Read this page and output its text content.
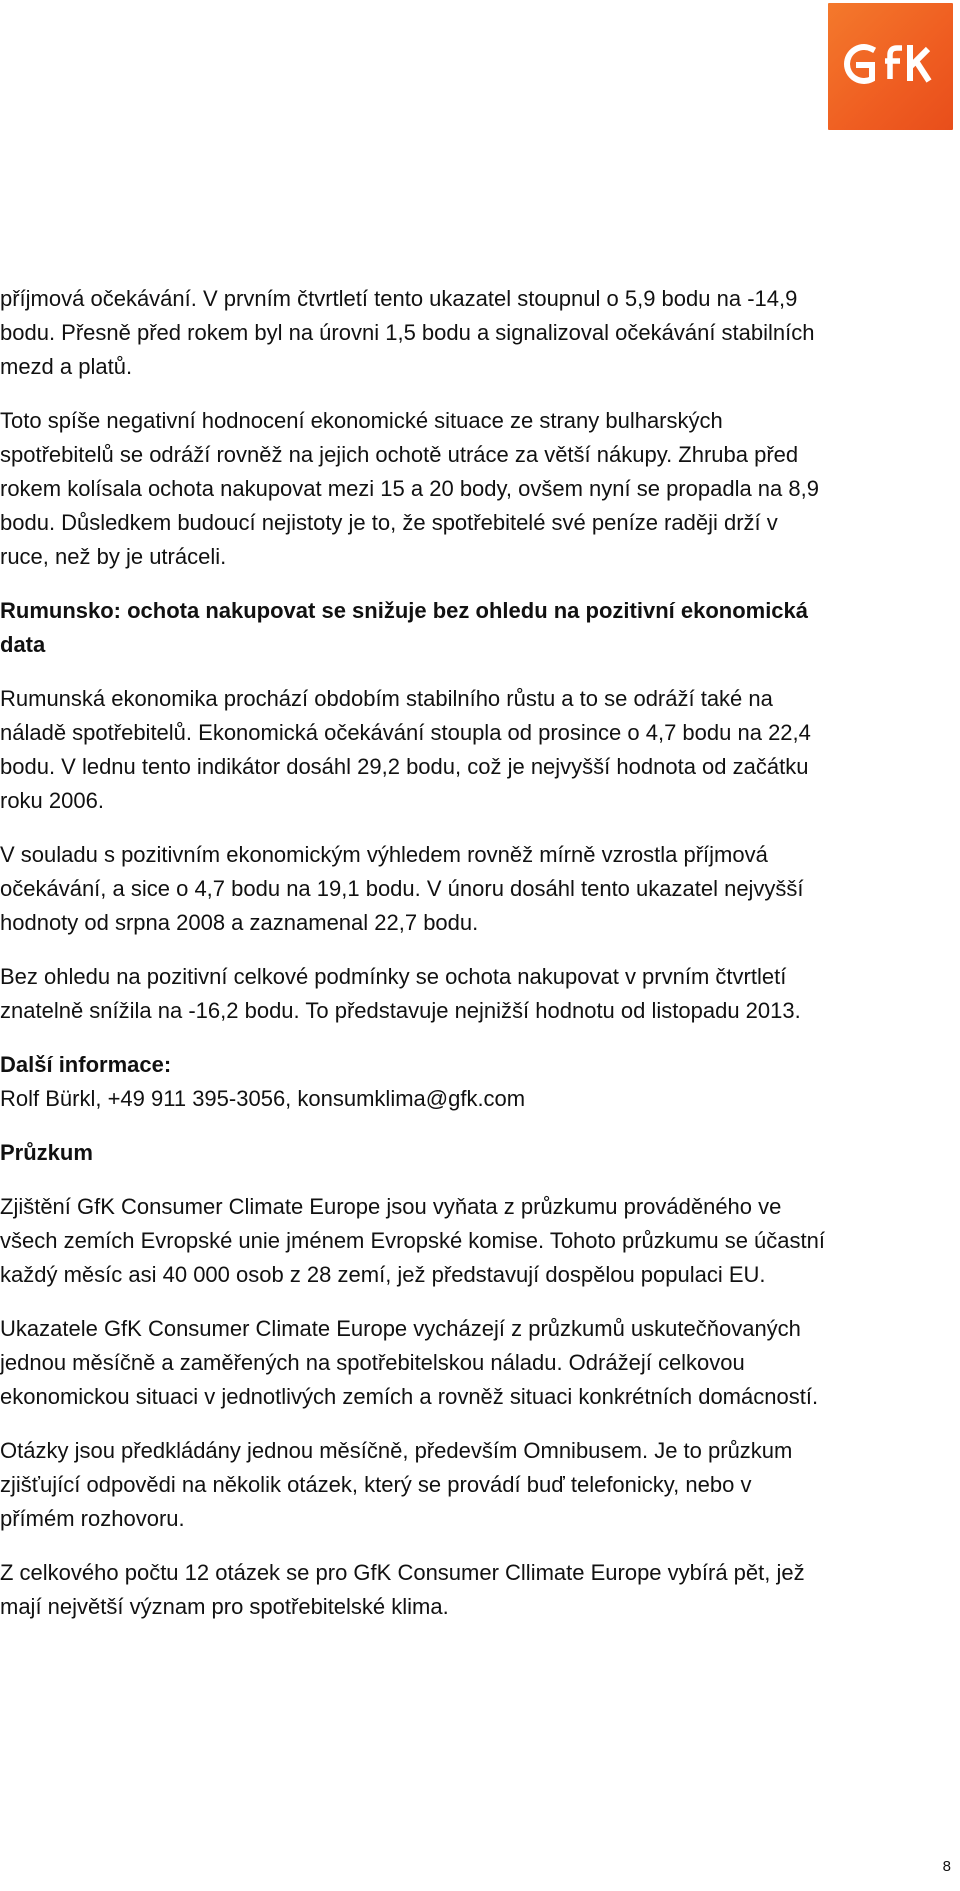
příjmová očekávání. V prvním čtvrtletí tento ukazatel stoupnul o 5,9 bodu na -14,9 bodu. Přesně před rokem byl na úrovni 1,5 bodu a signalizoval očekávání stabilních mezd a platů.

Toto spíše negativní hodnocení ekonomické situace ze strany bulharských spotřebitelů se odráží rovněž na jejich ochotě utráce za větší nákupy. Zhruba před rokem kolísala ochota nakupovat mezi 15 a 20 body, ovšem nyní se propadla na 8,9 bodu. Důsledkem budoucí nejistoty je to, že spotřebitelé své peníze raději drží v ruce, než by je utráceli.

Rumunsko: ochota nakupovat se snižuje bez ohledu na pozitivní ekonomická data

Rumunská ekonomika prochází obdobím stabilního růstu a to se odráží také na náladě spotřebitelů. Ekonomická očekávání stoupla od prosince o 4,7 bodu na 22,4 bodu. V lednu tento indikátor dosáhl 29,2 bodu, což je nejvyšší hodnota od začátku roku 2006.

V souladu s pozitivním ekonomickým výhledem rovněž mírně vzrostla příjmová očekávání, a sice o 4,7 bodu na 19,1 bodu. V únoru dosáhl tento ukazatel nejvyšší hodnoty od srpna 2008 a zaznamenal 22,7 bodu.

Bez ohledu na pozitivní celkové podmínky se ochota nakupovat v prvním čtvrtletí znatelně snížila na -16,2 bodu. To představuje nejnižší hodnotu od listopadu 2013.

Další informace:

Rolf Bürkl, +49 911 395-3056, konsumklima@gfk.com

Průzkum

Zjištění GfK Consumer Climate Europe jsou vyňata z průzkumu prováděného ve všech zemích Evropské unie jménem Evropské komise. Tohoto průzkumu se účastní každý měsíc asi 40 000 osob z 28 zemí, jež představují dospělou populaci EU.

Ukazatele GfK Consumer Climate Europe vycházejí z průzkumů uskutečňovaných jednou měsíčně a zaměřených na spotřebitelskou náladu. Odrážejí celkovou ekonomickou situaci v jednotlivých zemích a rovněž situaci konkrétních domácností.

Otázky jsou předkládány jednou měsíčně, především Omnibusem. Je to průzkum zjišťující odpovědi na několik otázek, který se provádí buď telefonicky, nebo v přímém rozhovoru.

Z celkového počtu 12 otázek se pro GfK Consumer Cllimate Europe vybírá pět, jež mají největší význam pro spotřebitelské klima.

8
